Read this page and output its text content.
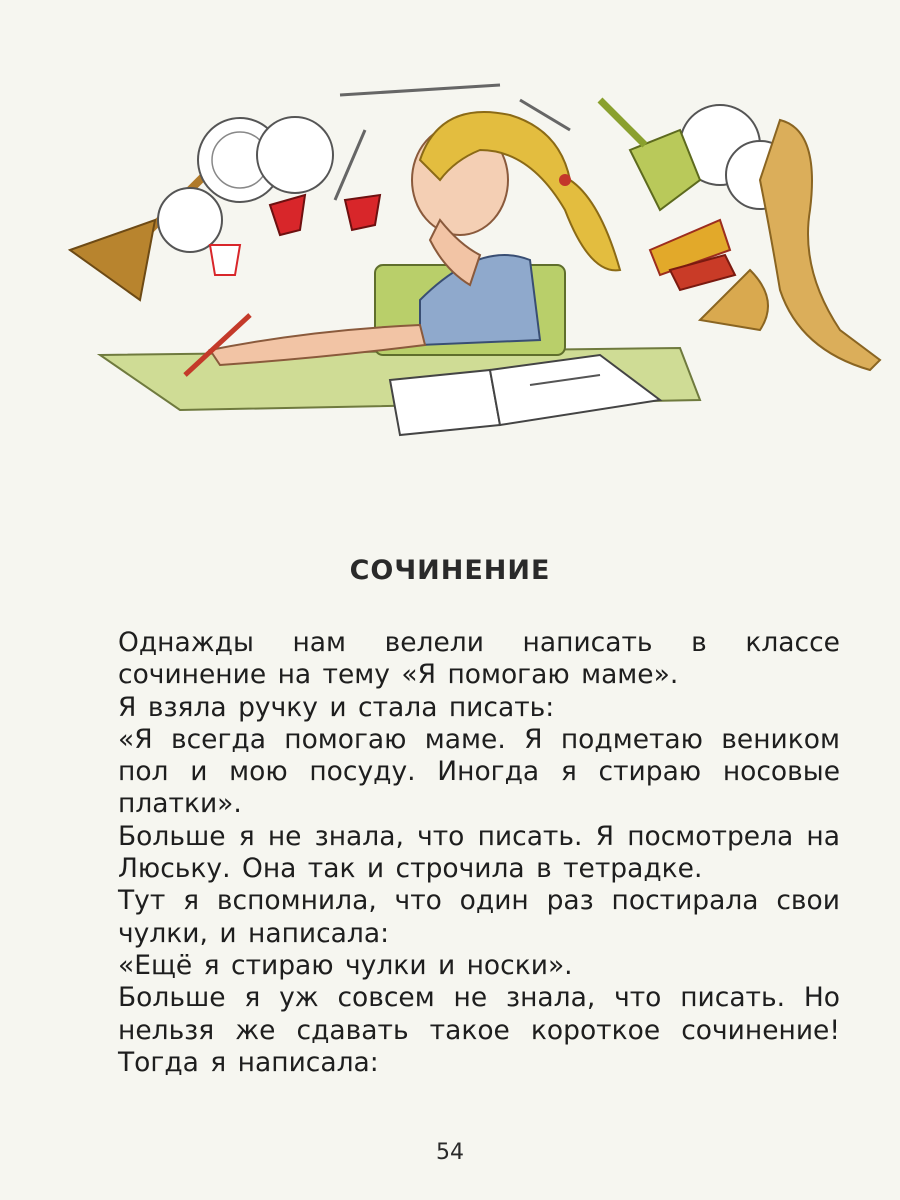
СОЧИНЕНИЕ

Однажды нам велели написать в классе сочинение на тему «Я помогаю маме».

Я взяла ручку и стала писать:

«Я всегда помогаю маме. Я подметаю веником пол и мою посуду. Иногда я стираю носовые платки».

Больше я не знала, что писать. Я посмотрела на Люську. Она так и строчила в тетрадке.

Тут я вспомнила, что один раз постирала свои чулки, и написала:

«Ещё я стираю чулки и носки».

Больше я уж совсем не знала, что писать. Но нельзя же сдавать такое короткое сочинение! Тогда я написала:

54
